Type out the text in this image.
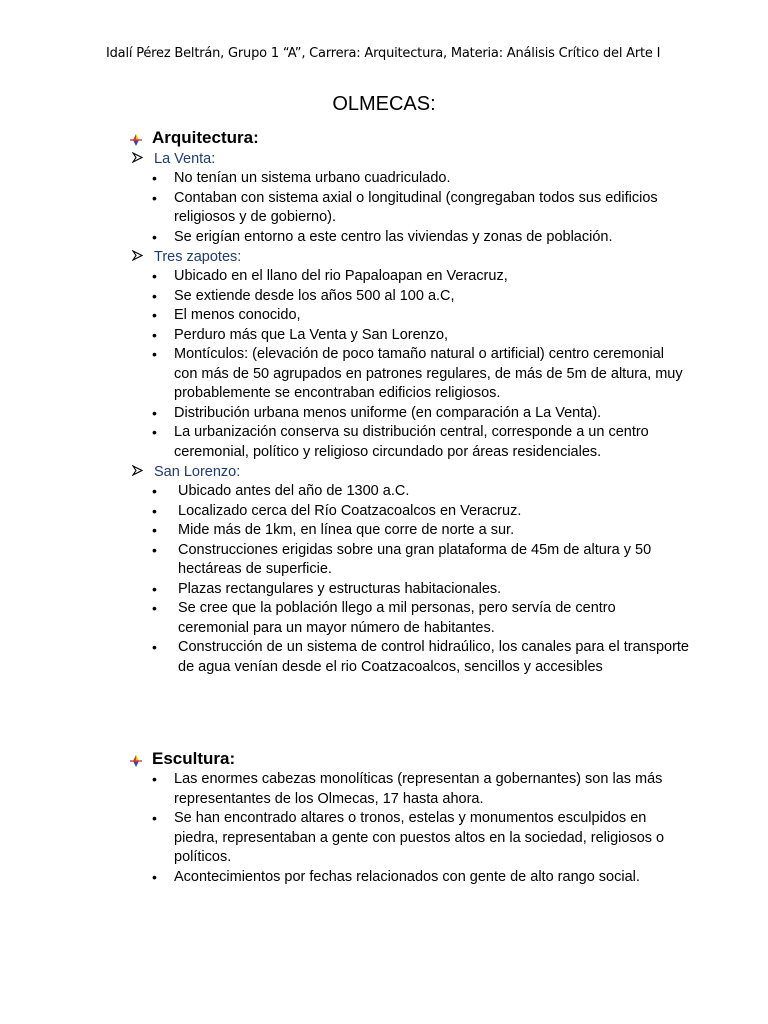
Idalí Pérez Beltrán, Grupo 1 “A”, Carrera: Arquitectura, Materia: Análisis Crítico del Arte I
OLMECAS:
Arquitectura:
La Venta:
• No tenían un sistema urbano cuadriculado.
• Contaban con sistema axial o longitudinal (congregaban todos sus edificios religiosos y de gobierno).
• Se erigían entorno a este centro las viviendas y zonas de población.
Tres zapotes:
• Ubicado en el llano del rio Papaloapan en Veracruz,
• Se extiende desde los años 500 al 100 a.C,
• El menos conocido,
• Perduro más que La Venta y San Lorenzo,
• Montículos: (elevación de poco tamaño natural o artificial) centro ceremonial con más de 50 agrupados en patrones regulares, de más de 5m de altura, muy probablemente se encontraban edificios religiosos.
• Distribución urbana menos uniforme (en comparación a La Venta).
• La urbanización conserva su distribución central, corresponde a un centro ceremonial, político y religioso circundado por áreas residenciales.
San Lorenzo:
• Ubicado antes del año de 1300 a.C.
• Localizado cerca del Río Coatzacoalcos en Veracruz.
• Mide más de 1km, en línea que corre de norte a sur.
• Construcciones erigidas sobre una gran plataforma de 45m de altura y 50 hectáreas de superficie.
• Plazas rectangulares y estructuras habitacionales.
• Se cree que la población llego a mil personas, pero servía de centro ceremonial para un mayor número de habitantes.
• Construcción de un sistema de control hidraúlico, los canales para el transporte de agua venían desde el rio Coatzacoalcos, sencillos y accesibles
Escultura:
• Las enormes cabezas monolíticas (representan a gobernantes) son las más representantes de los Olmecas, 17 hasta ahora.
• Se han encontrado altares o tronos, estelas y monumentos esculpidos en piedra, representaban a gente con puestos altos en la sociedad, religiosos o políticos.
• Acontecimientos por fechas relacionados con gente de alto rango social.
